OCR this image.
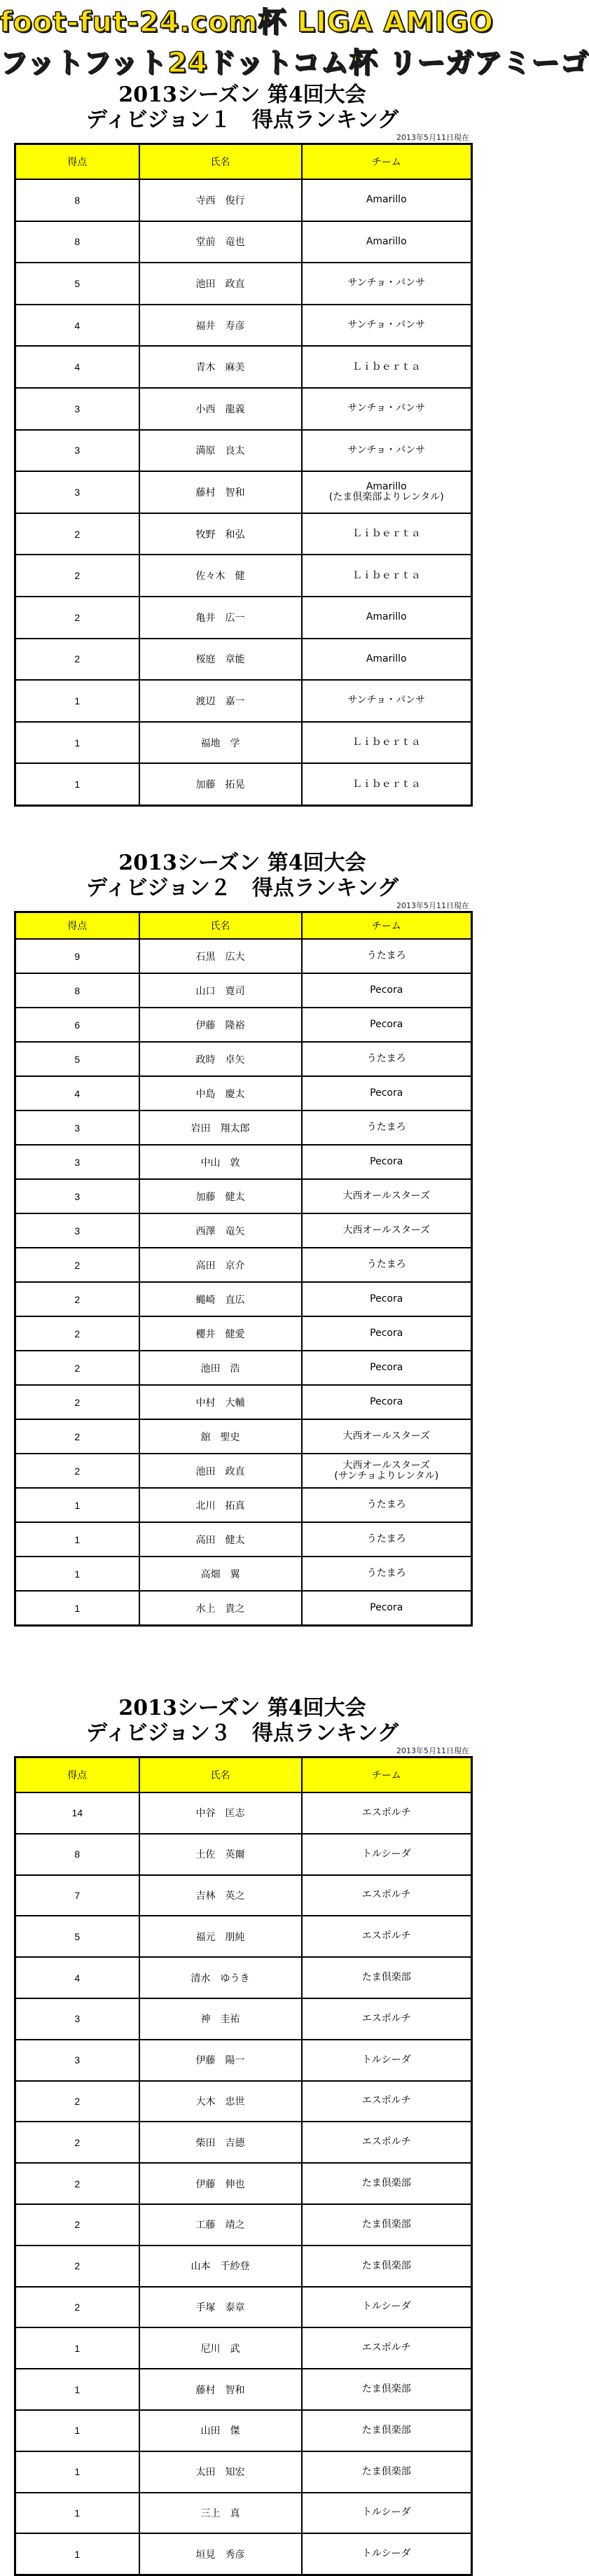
foot-fut-24.com杯 LIGA AMIGO
フットフット24ドットコム杯 リーガアミーゴ
2013シーズン 第4回大会
ディビジョン１　得点ランキング
2013年5月11日現在
得点	氏名	チーム
8	寺西　俊行	Amarillo
8	堂前　竜也	Amarillo
5	池田　政直	サンチョ・パンサ
4	福井　寿彦	サンチョ・パンサ
4	青木　麻美	Ｌｉｂｅｒｔａ
3	小西　龍義	サンチョ・パンサ
3	満原　良太	サンチョ・パンサ
3	藤村　智和	Amarillo
(たま倶楽部よりレンタル)
2	牧野　和弘	Ｌｉｂｅｒｔａ
2	佐々木　健	Ｌｉｂｅｒｔａ
2	亀井　広一	Amarillo
2	桜庭　章能	Amarillo
1	渡辺　嘉一	サンチョ・パンサ
1	福地　学	Ｌｉｂｅｒｔａ
1	加藤　拓晃	Ｌｉｂｅｒｔａ
2013シーズン 第4回大会
ディビジョン２　得点ランキング
2013年5月11日現在
得点	氏名	チーム
9	石黒　広大	うたまろ
8	山口　寛司	Pecora
6	伊藤　隆裕	Pecora
5	政時　卓矢	うたまろ
4	中島　慶太	Pecora
3	岩田　翔太郎	うたまろ
3	中山　敦	Pecora
3	加藤　健太	大西オールスターズ
3	西澤　竜矢	大西オールスターズ
2	高田　京介	うたまろ
2	蝿崎　直広	Pecora
2	櫻井　健愛	Pecora
2	池田　浩	Pecora
2	中村　大輔	Pecora
2	舘　聖史	大西オールスターズ
2	池田　政直	大西オールスターズ
(サンチョよりレンタル)
1	北川　拓真	うたまろ
1	高田　健太	うたまろ
1	高畑　翼	うたまろ
1	水上　貴之	Pecora
2013シーズン 第4回大会
ディビジョン３　得点ランキング
2013年5月11日現在
得点	氏名	チーム
14	中谷　匡志	エスポルチ
8	土佐　英爾	トルシーダ
7	吉林　英之	エスポルチ
5	福元　朋純	エスポルチ
4	清水　ゆうき	たま倶楽部
3	神　圭祐	エスポルチ
3	伊藤　陽一	トルシーダ
2	大木　忠世	エスポルチ
2	柴田　吉德	エスポルチ
2	伊藤　伸也	たま倶楽部
2	工藤　靖之	たま倶楽部
2	山本　千紗登	たま倶楽部
2	手塚　泰章	トルシーダ
1	尼川　武	エスポルチ
1	藤村　智和	たま倶楽部
1	山田　傑	たま倶楽部
1	太田　知宏	たま倶楽部
1	三上　真	トルシーダ
1	垣見　秀彦	トルシーダ
